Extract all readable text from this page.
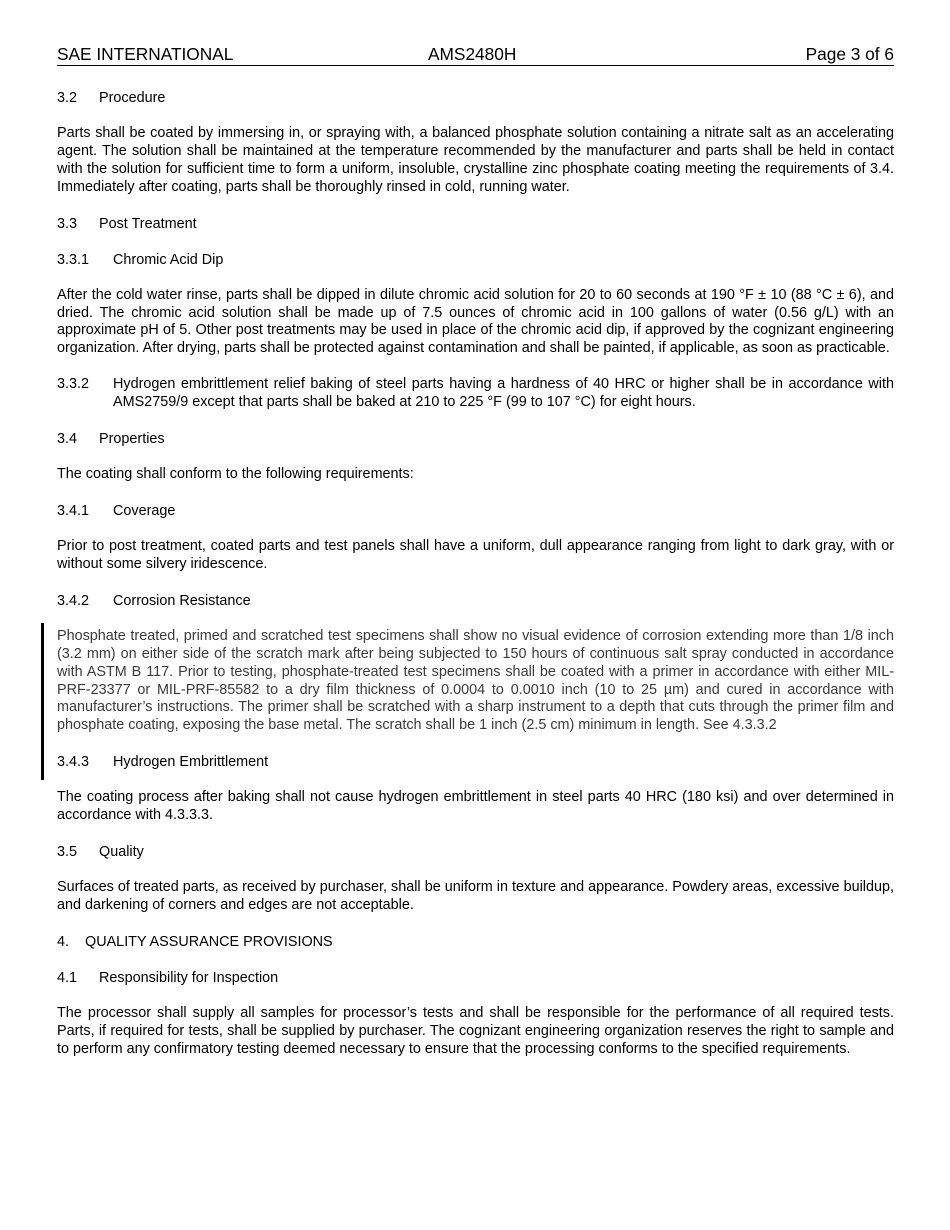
SAE INTERNATIONAL	AMS2480H	Page 3 of 6
3.2 Procedure

Parts shall be coated by immersing in, or spraying with, a balanced phosphate solution containing a nitrate salt as an accelerating agent. The solution shall be maintained at the temperature recommended by the manufacturer and parts shall be held in contact with the solution for sufficient time to form a uniform, insoluble, crystalline zinc phosphate coating meeting the requirements of 3.4. Immediately after coating, parts shall be thoroughly rinsed in cold, running water.

3.3 Post Treatment
3.3.1 Chromic Acid Dip

After the cold water rinse, parts shall be dipped in dilute chromic acid solution for 20 to 60 seconds at 190 °F ± 10 (88 °C ± 6), and dried. The chromic acid solution shall be made up of 7.5 ounces of chromic acid in 100 gallons of water (0.56 g/L) with an approximate pH of 5. Other post treatments may be used in place of the chromic acid dip, if approved by the cognizant engineering organization. After drying, parts shall be protected against contamination and shall be painted, if applicable, as soon as practicable.

3.3.2	Hydrogen embrittlement relief baking of steel parts having a hardness of 40 HRC or higher shall be in accordance with AMS2759/9 except that parts shall be baked at 210 to 225 °F (99 to 107 °C) for eight hours.
3.4 Properties

The coating shall conform to the following requirements:

3.4.1 Coverage

Prior to post treatment, coated parts and test panels shall have a uniform, dull appearance ranging from light to dark gray, with or without some silvery iridescence.

3.4.2 Corrosion Resistance

Phosphate treated, primed and scratched test specimens shall show no visual evidence of corrosion extending more than 1/8 inch (3.2 mm) on either side of the scratch mark after being subjected to 150 hours of continuous salt spray conducted in accordance with ASTM B 117. Prior to testing, phosphate-treated test specimens shall be coated with a primer in accordance with either MIL-PRF-23377 or MIL-PRF-85582 to a dry film thickness of 0.0004 to 0.0010 inch (10 to 25 µm) and cured in accordance with manufacturer’s instructions. The primer shall be scratched with a sharp instrument to a depth that cuts through the primer film and phosphate coating, exposing the base metal. The scratch shall be 1 inch (2.5 cm) minimum in length. See 4.3.3.2

3.4.3 Hydrogen Embrittlement

The coating process after baking shall not cause hydrogen embrittlement in steel parts 40 HRC (180 ksi) and over determined in accordance with 4.3.3.3.

3.5 Quality

Surfaces of treated parts, as received by purchaser, shall be uniform in texture and appearance. Powdery areas, excessive buildup, and darkening of corners and edges are not acceptable.

4. QUALITY ASSURANCE PROVISIONS
4.1 Responsibility for Inspection

The processor shall supply all samples for processor’s tests and shall be responsible for the performance of all required tests. Parts, if required for tests, shall be supplied by purchaser. The cognizant engineering organization reserves the right to sample and to perform any confirmatory testing deemed necessary to ensure that the processing conforms to the specified requirements.
